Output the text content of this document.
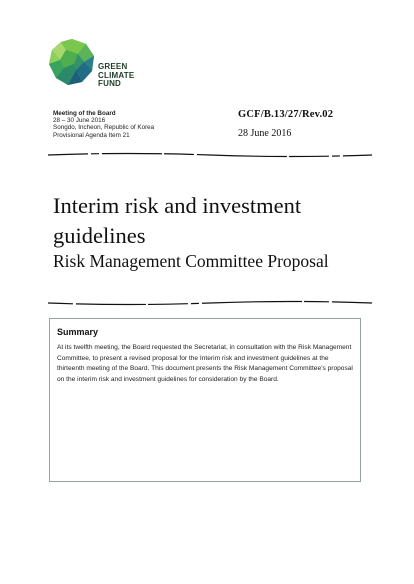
GREEN
CLIMATE
FUND
Meeting of the Board
28 – 30 June 2016
Songdo, Incheon, Republic of Korea
Provisional Agenda Item 21
GCF/B.13/27/Rev.02
28 June 2016
Interim risk and investment guidelines
Risk Management Committee Proposal
Summary
At its twelfth meeting, the Board requested the Secretariat, in consultation with the Risk Management Committee, to present a revised proposal for the Interim risk and investment guidelines at the thirteenth meeting of the Board. This document presents the Risk Management Committee’s proposal on the interim risk and investment guidelines for consideration by the Board.
